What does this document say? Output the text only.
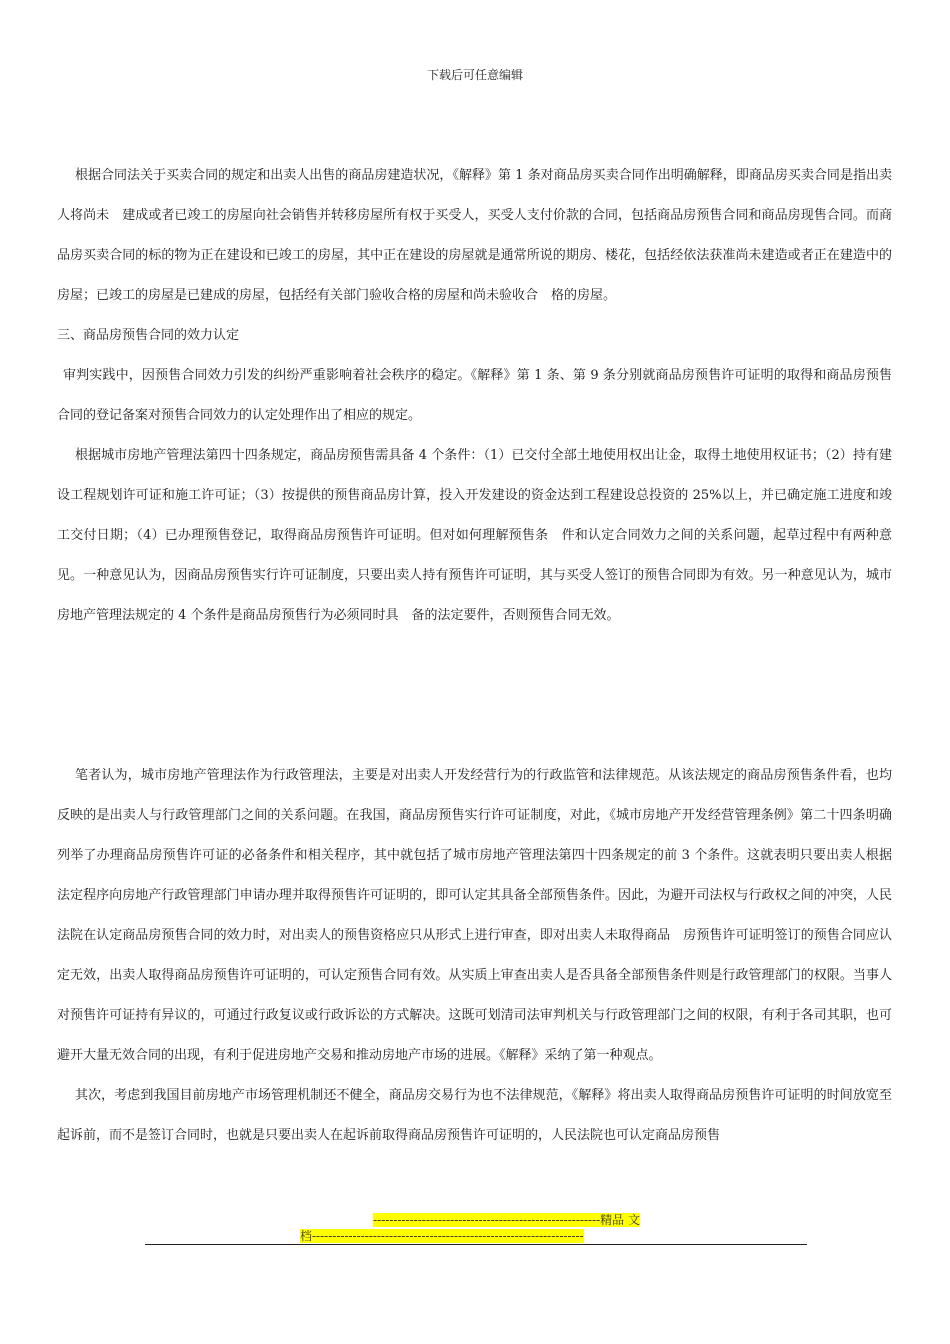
下载后可任意编辑

根据合同法关于买卖合同的规定和出卖人出售的商品房建造状况，《解释》第 1 条对商品房买卖合同作出明确解释，即商品房买卖合同是指出卖人将尚未　建成或者已竣工的房屋向社会销售并转移房屋所有权于买受人，买受人支付价款的合同，包括商品房预售合同和商品房现售合同。而商品房买卖合同的标的物为正在建设和已竣工的房屋，其中正在建设的房屋就是通常所说的期房、楼花，包括经依法获准尚未建造或者正在建造中的房屋；已竣工的房屋是已建成的房屋，包括经有关部门验收合格的房屋和尚未验收合　格的房屋。

三、商品房预售合同的效力认定

审判实践中，因预售合同效力引发的纠纷严重影响着社会秩序的稳定。《解释》第 1 条、第 9 条分别就商品房预售许可证明的取得和商品房预售合同的登记备案对预售合同效力的认定处理作出了相应的规定。

根据城市房地产管理法第四十四条规定，商品房预售需具备 4 个条件：（1）已交付全部土地使用权出让金，取得土地使用权证书；（2）持有建设工程规划许可证和施工许可证；（3）按提供的预售商品房计算，投入开发建设的资金达到工程建设总投资的 25%以上，并已确定施工进度和竣工交付日期；（4）已办理预售登记，取得商品房预售许可证明。但对如何理解预售条　件和认定合同效力之间的关系问题，起草过程中有两种意见。一种意见认为，因商品房预售实行许可证制度，只要出卖人持有预售许可证明，其与买受人签订的预售合同即为有效。另一种意见认为，城市房地产管理法规定的 4 个条件是商品房预售行为必须同时具　备的法定要件，否则预售合同无效。

笔者认为，城市房地产管理法作为行政管理法，主要是对出卖人开发经营行为的行政监管和法律规范。从该法规定的商品房预售条件看，也均反映的是出卖人与行政管理部门之间的关系问题。在我国，商品房预售实行许可证制度，对此，《城市房地产开发经营管理条例》第二十四条明确列举了办理商品房预售许可证的必备条件和相关程序，其中就包括了城市房地产管理法第四十四条规定的前 3 个条件。这就表明只要出卖人根据法定程序向房地产行政管理部门申请办理并取得预售许可证明的，即可认定其具备全部预售条件。因此，为避开司法权与行政权之间的冲突，人民法院在认定商品房预售合同的效力时，对出卖人的预售资格应只从形式上进行审查，即对出卖人未取得商品　房预售许可证明签订的预售合同应认定无效，出卖人取得商品房预售许可证明的，可认定预售合同有效。从实质上审查出卖人是否具备全部预售条件则是行政管理部门的权限。当事人对预售许可证持有异议的，可通过行政复议或行政诉讼的方式解决。这既可划清司法审判机关与行政管理部门之间的权限，有利于各司其职，也可避开大量无效合同的出现，有利于促进房地产交易和推动房地产市场的进展。《解释》采纳了第一种观点。

其次，考虑到我国目前房地产市场管理机制还不健全，商品房交易行为也不法律规范，《解释》将出卖人取得商品房预售许可证明的时间放宽至起诉前，而不是签订合同时，也就是只要出卖人在起诉前取得商品房预售许可证明的，人民法院也可认定商品房预售

--------------------------------------------------------精品 文
档-------------------------------------------------------------------
